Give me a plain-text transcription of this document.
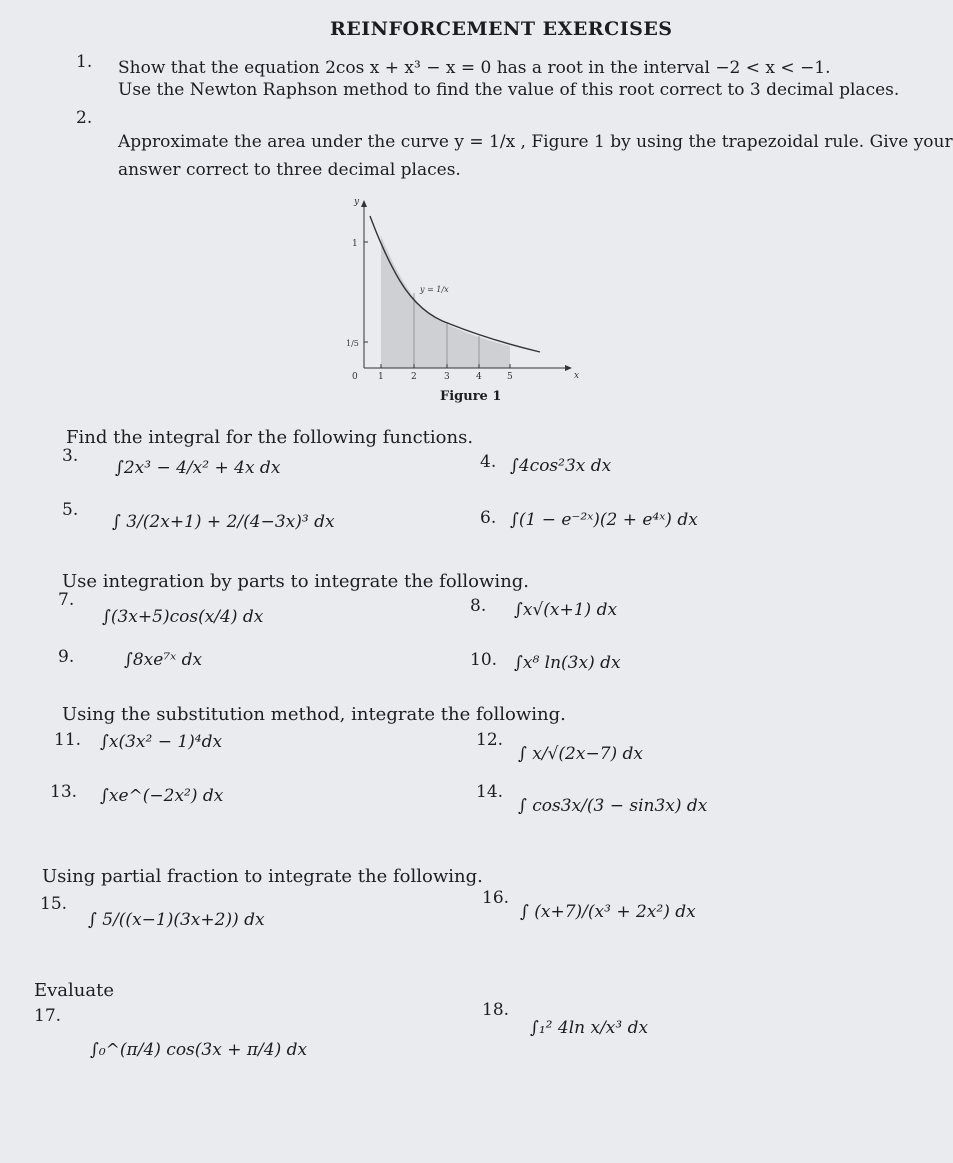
REINFORCEMENT EXERCISES
1. Show that the equation 2cos x + x³ − x = 0 has a root in the interval −2 < x < −1.
Use the Newton Raphson method to find the value of this root correct to 3 decimal places.
2.
Approximate the area under the curve y = 1/x , Figure 1 by using the trapezoidal rule. Give your
answer correct to three decimal places.
y
x
1
1/5
0 1	2	3	4	5
y = 1/x
Figure 1
Find the integral for the following functions.
3.
∫2x³ − 4/x² + 4x dx	4. ∫4cos²3x dx
5.
∫ 3/(2x+1) + 2/(4−3x)³ dx	6. ∫(1 − e⁻²ˣ)(2 + e⁴ˣ) dx
Use integration by parts to integrate the following.
7.
∫(3x+5)cos(x/4) dx
8. ∫x√(x+1) dx
9.	∫8xe⁷ˣ dx	10. ∫x⁸ ln(3x) dx
Using the substitution method, integrate the following.
11. ∫x(3x² − 1)⁴dx	12.
∫ x/√(2x−7) dx
13. ∫xe^(−2x²) dx	14.
∫ cos3x/(3 − sin3x) dx
Using partial fraction to integrate the following.
15.
∫ 5/((x−1)(3x+2)) dx
16.
∫ (x+7)/(x³ + 2x²) dx
Evaluate
17.
∫₀^(π/4) cos(3x + π/4) dx
18.
∫₁² 4ln x/x³ dx
